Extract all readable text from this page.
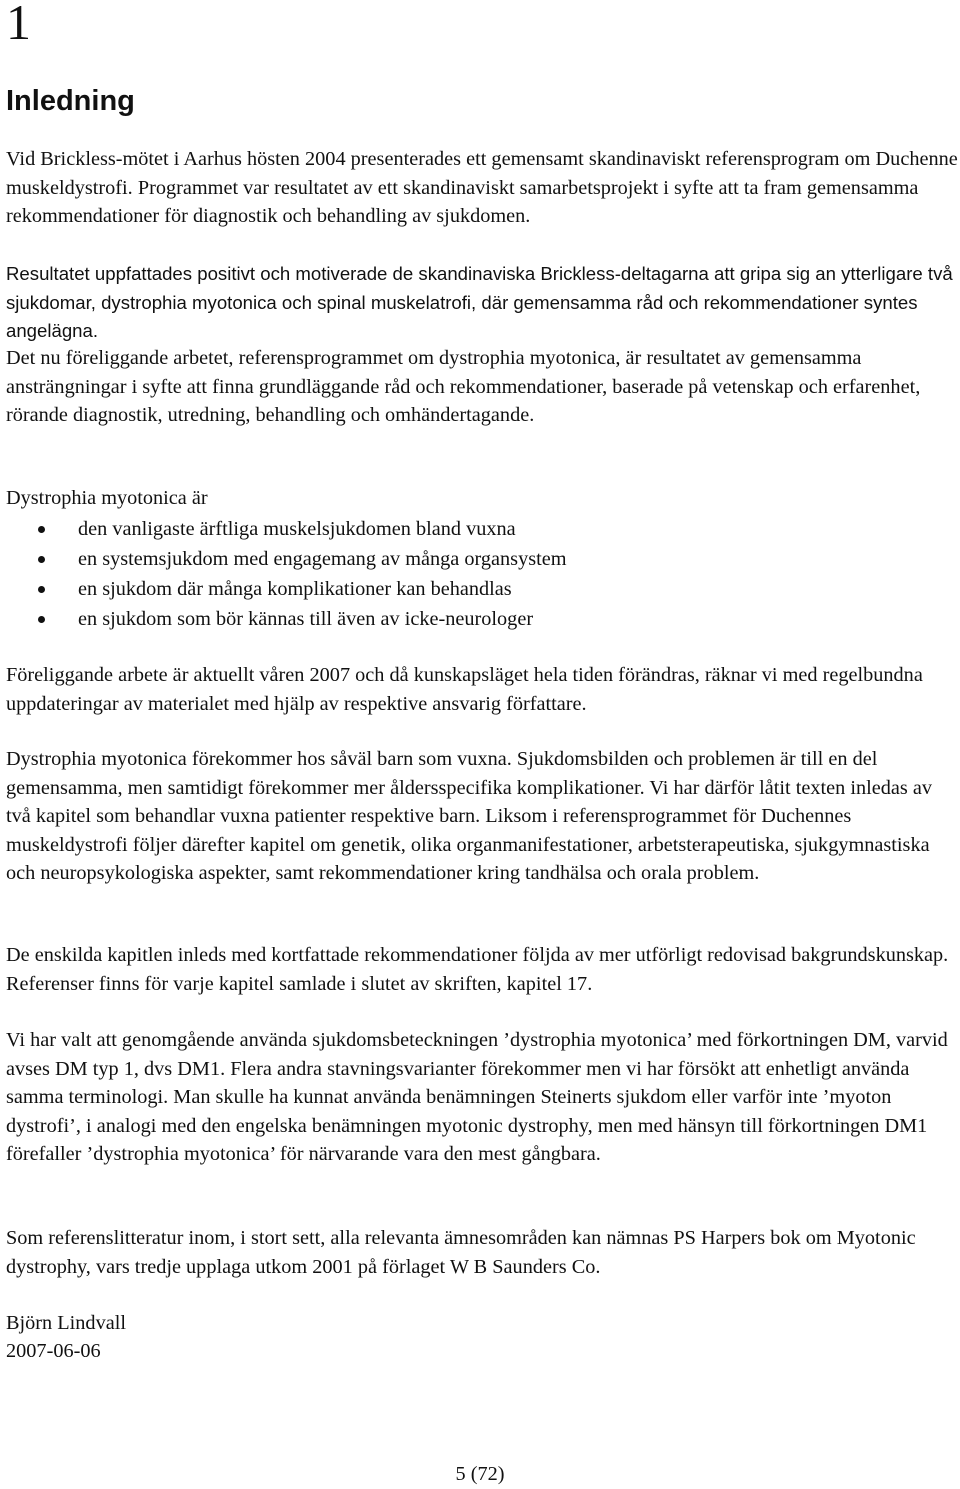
1
Inledning

Vid Brickless-mötet i Aarhus hösten 2004 presenterades ett gemensamt skandinaviskt referensprogram om Duchenne muskeldystrofi. Programmet var resultatet av ett skandinaviskt samarbetsprojekt i syfte att ta fram gemensamma rekommendationer för diagnostik och behandling av sjukdomen.

Resultatet uppfattades positivt och motiverade de skandinaviska Brickless-deltagarna att gripa sig an ytterligare två sjukdomar, dystrophia myotonica och spinal muskelatrofi, där gemensamma råd och rekommendationer syntes angelägna.

Det nu föreliggande arbetet, referensprogrammet om dystrophia myotonica, är resultatet av gemensamma ansträngningar i syfte att finna grundläggande råd och rekommendationer, baserade på vetenskap och erfarenhet, rörande diagnostik, utredning, behandling och omhändertagande.

Dystrophia myotonica är

den vanligaste ärftliga muskelsjukdomen bland vuxna
en systemsjukdom med engagemang av många organsystem
en sjukdom där många komplikationer kan behandlas
en sjukdom som bör kännas till även av icke-neurologer

Föreliggande arbete är aktuellt våren 2007 och då kunskapsläget hela tiden förändras, räknar vi med regelbundna uppdateringar av materialet med hjälp av respektive ansvarig författare.

Dystrophia myotonica förekommer hos såväl barn som vuxna. Sjukdomsbilden och problemen är till en del gemensamma, men samtidigt förekommer mer åldersspecifika komplikationer. Vi har därför låtit texten inledas av två kapitel som behandlar vuxna patienter respektive barn. Liksom i referensprogrammet för Duchennes muskeldystrofi följer därefter kapitel om genetik, olika organmanifestationer, arbetsterapeutiska, sjukgymnastiska och neuropsykologiska aspekter, samt rekommendationer kring tandhälsa och orala problem.

De enskilda kapitlen inleds med kortfattade rekommendationer följda av mer utförligt redovisad bakgrundskunskap. Referenser finns för varje kapitel samlade i slutet av skriften, kapitel 17.

Vi har valt att genomgående använda sjukdomsbeteckningen ’dystrophia myotonica’ med förkortningen DM, varvid avses DM typ 1, dvs DM1. Flera andra stavningsvarianter förekommer men vi har försökt att enhetligt använda samma terminologi. Man skulle ha kunnat använda benämningen Steinerts sjukdom eller varför inte ’myoton dystrofi’, i analogi med den engelska benämningen myotonic dystrophy, men med hänsyn till förkortningen DM1 förefaller ’dystrophia myotonica’ för närvarande vara den mest gångbara.

Som referenslitteratur inom, i stort sett, alla relevanta ämnesområden kan nämnas PS Harpers bok om Myotonic dystrophy, vars tredje upplaga utkom 2001 på förlaget W B Saunders Co.

Björn Lindvall

2007-06-06

5 (72)
